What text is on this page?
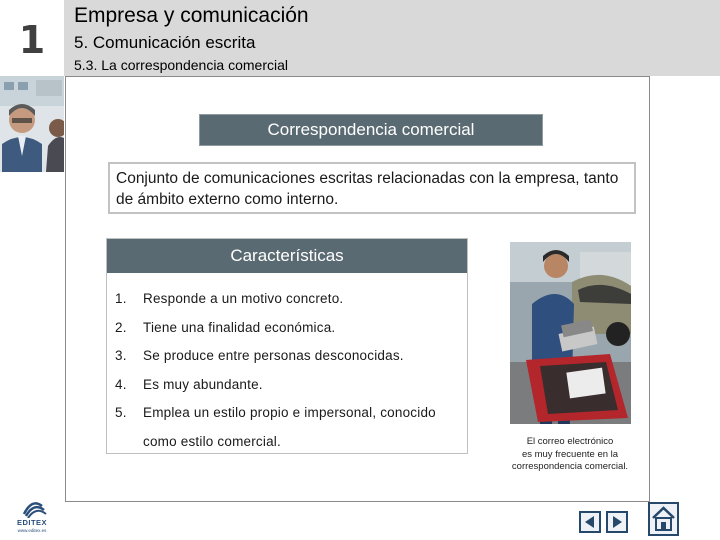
1
Empresa y comunicación
5. Comunicación escrita
5.3. La correspondencia comercial
Correspondencia comercial
Conjunto de comunicaciones escritas relacionadas con la empresa, tanto de ámbito externo como interno.
Características
1.	Responde a un motivo concreto.
2.	Tiene una finalidad económica.
3.	Se produce entre personas desconocidas.
4.	Es muy abundante.
5.	Emplea un estilo propio e impersonal, conocido
como estilo comercial.	El correo electrónico
es muy frecuente en la
correspondencia comercial.
EDITEX
www.editex.es
